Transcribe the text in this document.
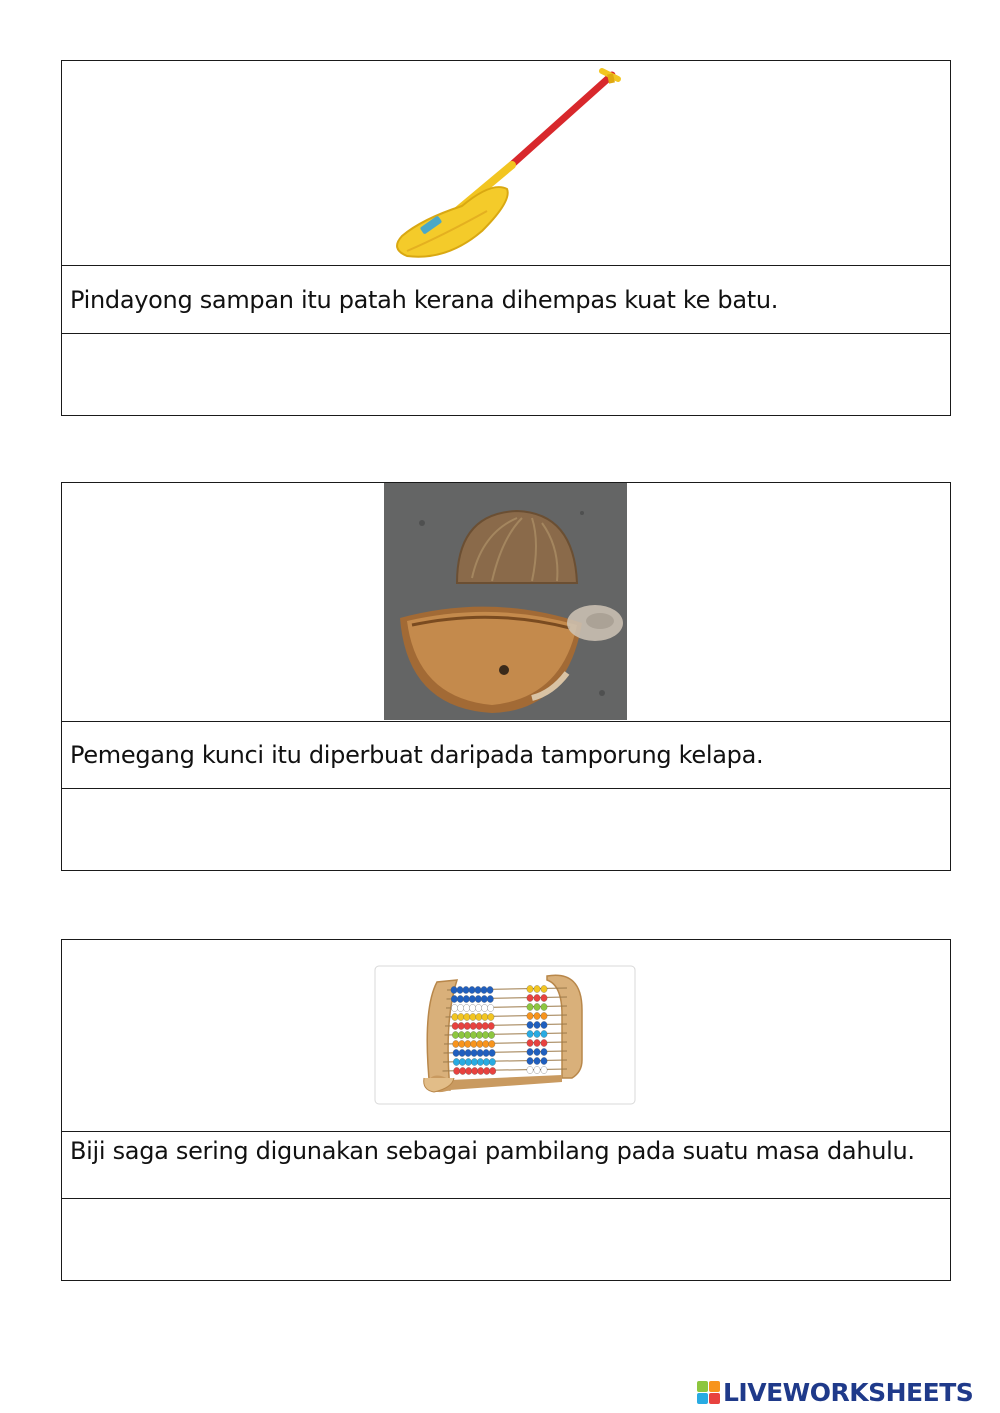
Pindayong sampan itu patah kerana dihempas kuat ke batu.
Pemegang kunci itu diperbuat daripada tamporung kelapa.
Biji saga sering digunakan sebagai pambilang pada suatu masa dahulu.
LIVEWORKSHEETS
